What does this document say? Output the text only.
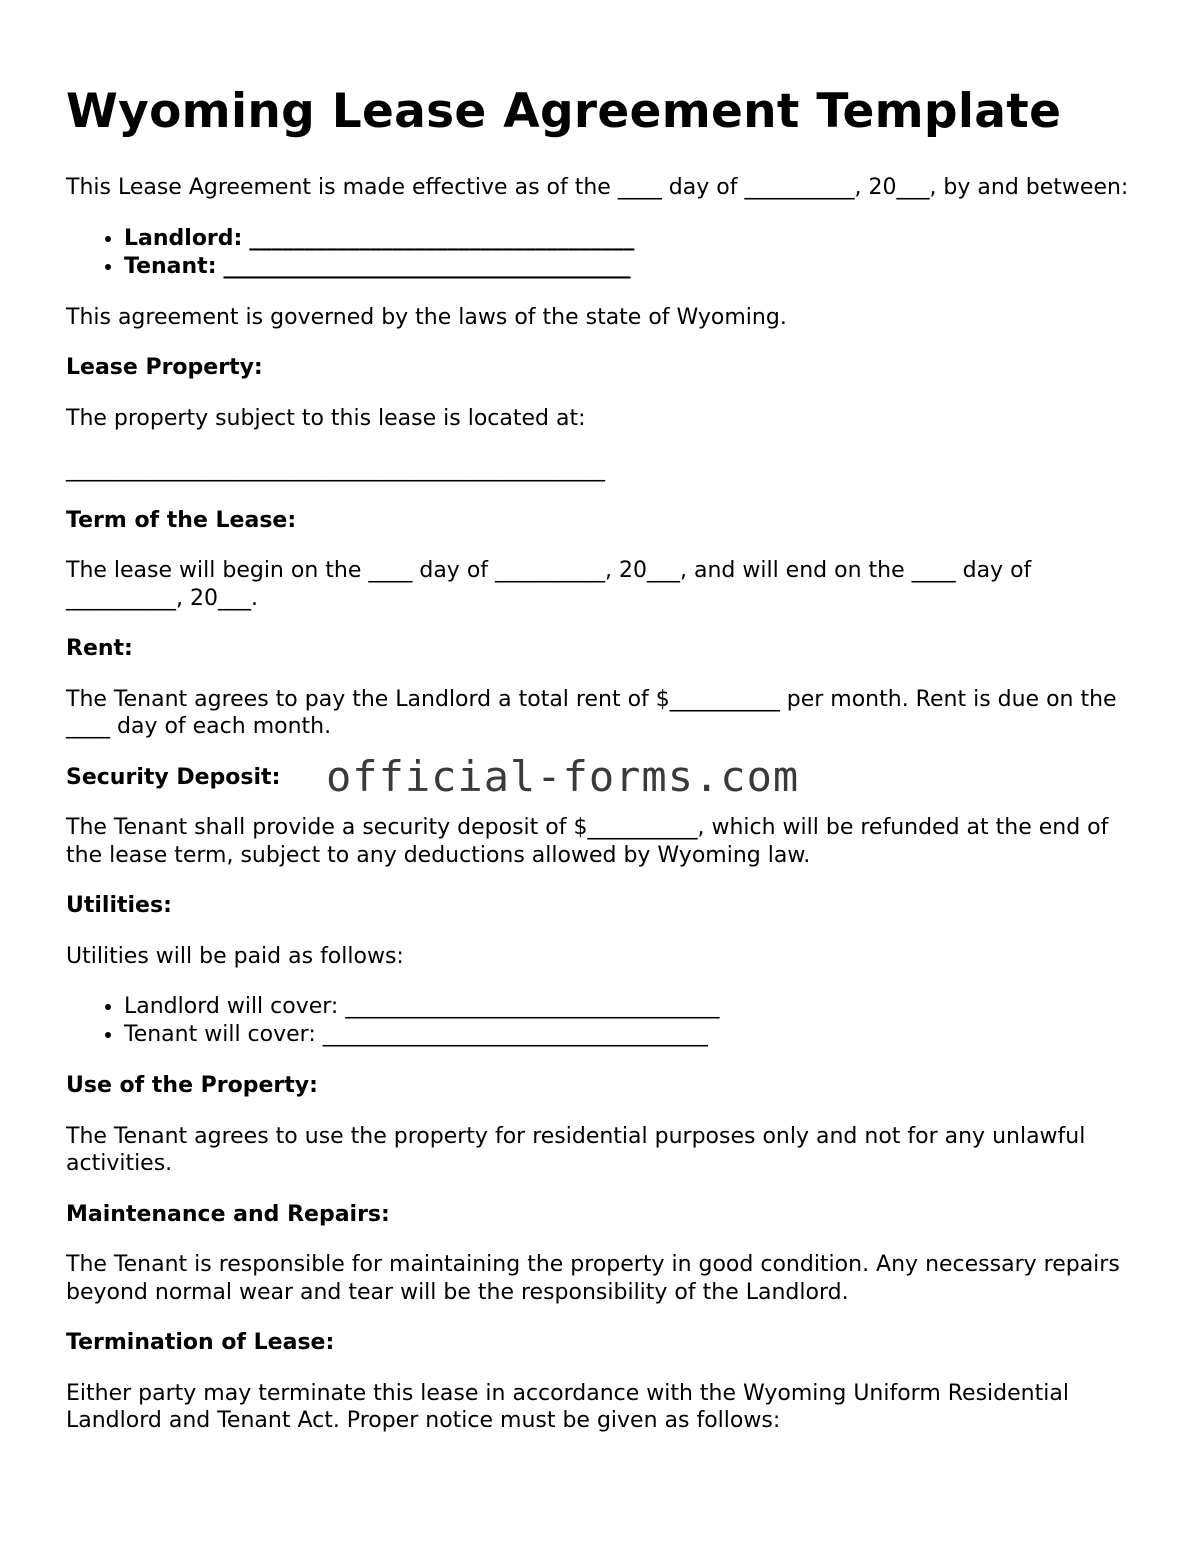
Wyoming Lease Agreement Template

This Lease Agreement is made effective as of the ____ day of __________, 20___, by and between:

• Landlord: ___________________________________
• Tenant: _____________________________________

This agreement is governed by the laws of the state of Wyoming.

Lease Property:

The property subject to this lease is located at:

_________________________________________________

Term of the Lease:

The lease will begin on the ____ day of __________, 20___, and will end on the ____ day of __________, 20___.

Rent:

The Tenant agrees to pay the Landlord a total rent of $__________ per month. Rent is due on the ____ day of each month.

Security Deposit:

The Tenant shall provide a security deposit of $__________, which will be refunded at the end of the lease term, subject to any deductions allowed by Wyoming law.

Utilities:

Utilities will be paid as follows:

• Landlord will cover: __________________________________
• Tenant will cover: ___________________________________

Use of the Property:

The Tenant agrees to use the property for residential purposes only and not for any unlawful activities.

Maintenance and Repairs:

The Tenant is responsible for maintaining the property in good condition. Any necessary repairs beyond normal wear and tear will be the responsibility of the Landlord.

Termination of Lease:

Either party may terminate this lease in accordance with the Wyoming Uniform Residential Landlord and Tenant Act. Proper notice must be given as follows:

official-forms.com
